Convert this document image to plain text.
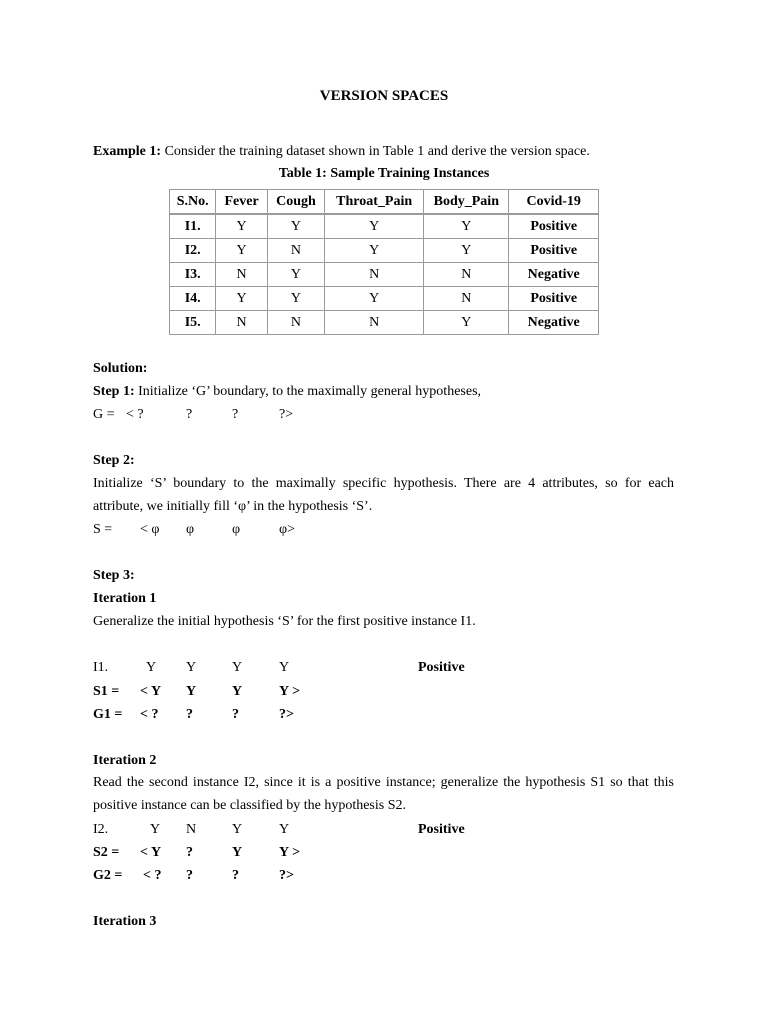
VERSION SPACES
Example 1: Consider the training dataset shown in Table 1 and derive the version space.
Table 1: Sample Training Instances
S.No.	Fever	Cough	Throat_Pain	Body_Pain	Covid-19
I1.	Y	Y	Y	Y	Positive
I2.	Y	N	Y	Y	Positive
I3.	N	Y	N	N	Negative
I4.	Y	Y	Y	N	Positive
I5.	N	N	N	Y	Negative
Solution:
Step 1: Initialize ‘G’ boundary, to the maximally general hypotheses,
G = < ?	?	?	?>
Step 2:
Initialize ‘S’ boundary to the maximally specific hypothesis. There are 4 attributes, so for each attribute, we initially fill ‘φ’ in the hypothesis ‘S’.
S = < φ φ	φ	φ>
Step 3:
Iteration 1
Generalize the initial hypothesis ‘S’ for the first positive instance I1.
I1.	Y Y	Y	Y	Positive
S1 = < Y Y	Y	Y >
G1 = < ? ?	?	?>
Iteration 2
Read the second instance I2, since it is a positive instance; generalize the hypothesis S1 so that this positive instance can be classified by the hypothesis S2.
I2.	Y N	Y	Y	Positive
S2 = < Y ?	Y	Y >
G2 = < ? ?	?	?>
Iteration 3
